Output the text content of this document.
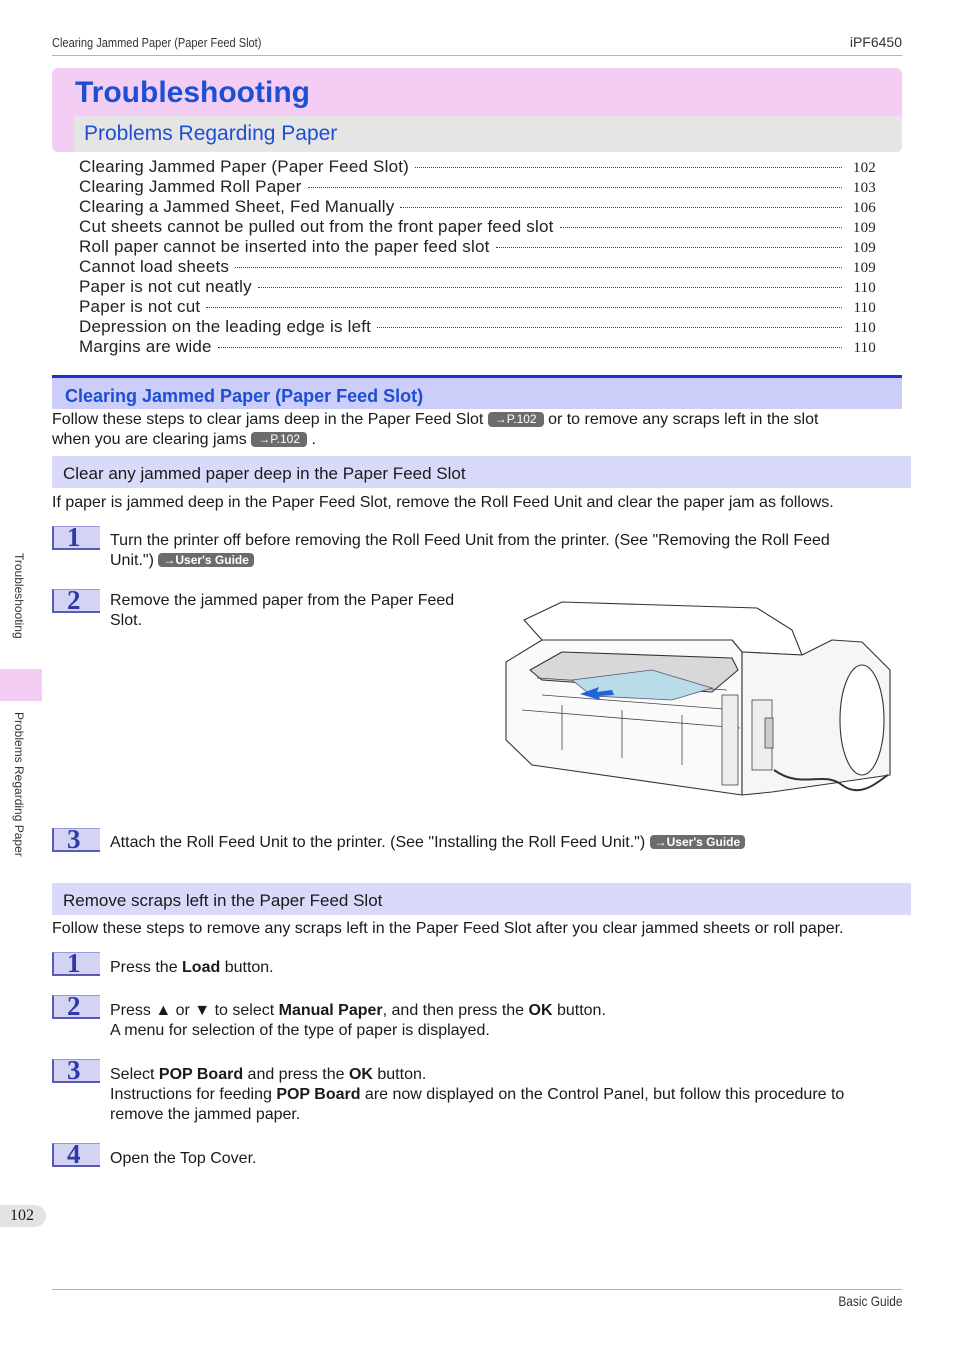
Clearing Jammed Paper (Paper Feed Slot)	iPF6450
Troubleshooting
Problems Regarding Paper
Clearing Jammed Paper (Paper Feed Slot)	102
Clearing Jammed Roll Paper	103
Clearing a Jammed Sheet, Fed Manually	106
Cut sheets cannot be pulled out from the front paper feed slot	109
Roll paper cannot be inserted into the paper feed slot	109
Cannot load sheets	109
Paper is not cut neatly	110
Paper is not cut	110
Depression on the leading edge is left	110
Margins are wide	110
Clearing Jammed Paper (Paper Feed Slot)
Follow these steps to clear jams deep in the Paper Feed Slot →P.102 or to remove any scraps left in the slot
when you are clearing jams →P.102 .
Clear any jammed paper deep in the Paper Feed Slot
If paper is jammed deep in the Paper Feed Slot, remove the Roll Feed Unit and clear the paper jam as follows.
1 Turn the printer off before removing the Roll Feed Unit from the printer. (See "Removing the Roll Feed
Unit.") →User's Guide
2 Remove the jammed paper from the Paper Feed
Slot.
3 Attach the Roll Feed Unit to the printer. (See "Installing the Roll Feed Unit.") →User's Guide
Remove scraps left in the Paper Feed Slot
Follow these steps to remove any scraps left in the Paper Feed Slot after you clear jammed sheets or roll paper.
1 Press the Load button.
2 Press ▲ or ▼ to select Manual Paper, and then press the OK button.
A menu for selection of the type of paper is displayed.
3 Select POP Board and press the OK button.
Instructions for feeding POP Board are now displayed on the Control Panel, but follow this procedure to
remove the jammed paper.
4 Open the Top Cover.
Troubleshooting
Problems Regarding Paper
102
Basic Guide
